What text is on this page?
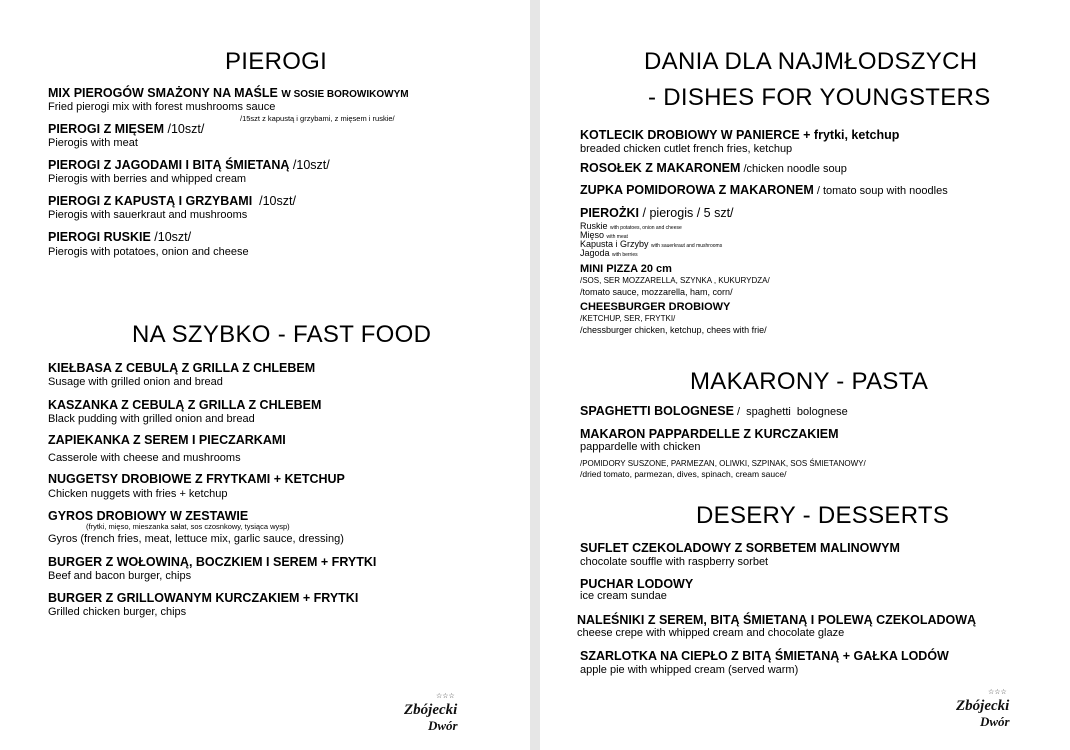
PIEROGI
MIX PIEROGÓW SMAŻONY NA MAŚLE W SOSIE BOROWIKOWYM
Fried pierogi mix with forest mushrooms sauce
/15szt z kapustą i grzybami, z mięsem i ruskie/
PIEROGI Z MIĘSEM /10szt/
Pierogis with meat
PIEROGI Z JAGODAMI I BITĄ ŚMIETANĄ /10szt/
Pierogis with berries and whipped cream
PIEROGI Z KAPUSTĄ I GRZYBAMI  /10szt/
Pierogis with sauerkraut and mushrooms
PIEROGI RUSKIE /10szt/
Pierogis with potatoes, onion and cheese
NA SZYBKO - FAST FOOD
KIEŁBASA Z CEBULĄ Z GRILLA Z CHLEBEM
Susage with grilled onion and bread
KASZANKA Z CEBULĄ Z GRILLA Z CHLEBEM
Black pudding with grilled onion and bread
ZAPIEKANKA Z SEREM I PIECZARKAMI
Casserole with cheese and mushrooms
NUGGETSY DROBIOWE Z FRYTKAMI + KETCHUP
Chicken nuggets with fries + ketchup
GYROS DROBIOWY W ZESTAWIE
(frytki, mięso, mieszanka sałat, sos czosnkowy, tysiąca wysp)
Gyros (french fries, meat, lettuce mix, garlic sauce, dressing)
BURGER Z WOŁOWINĄ, BOCZKIEM I SEREM + FRYTKI
Beef and bacon burger, chips
BURGER Z GRILLOWANYM KURCZAKIEM + FRYTKI
Grilled chicken burger, chips
☆☆☆
Zbójecki
Dwór
DANIA DLA NAJMŁODSZYCH
- DISHES FOR YOUNGSTERS
KOTLECIK DROBIOWY W PANIERCE + frytki, ketchup
breaded chicken cutlet french fries, ketchup
ROSOŁEK Z MAKARONEM /chicken noodle soup
ZUPKA POMIDOROWA Z MAKARONEM / tomato soup with noodles
PIEROŻKI / pierogis / 5 szt/
Ruskie with potatoes, onion and cheese
Mięso with meat
Kapusta i Grzyby with sauerkraut and mushrooms
Jagoda with berries
MINI PIZZA 20 cm
/SOS, SER MOZZARELLA, SZYNKA , KUKURYDZA/
/tomato sauce, mozzarella, ham, corn/
CHEESBURGER DROBIOWY
/KETCHUP, SER, FRYTKI/
/chessburger chicken, ketchup, chees with frie/
MAKARONY - PASTA
SPAGHETTI BOLOGNESE /  spaghetti  bolognese
MAKARON PAPPARDELLE Z KURCZAKIEM
pappardelle with chicken
/POMIDORY SUSZONE, PARMEZAN, OLIWKI, SZPINAK, SOS ŚMIETANOWY/
/dried tomato, parmezan, dives, spinach, cream sauce/
DESERY - DESSERTS
SUFLET CZEKOLADOWY Z SORBETEM MALINOWYM
chocolate souffle with raspberry sorbet
PUCHAR LODOWY
ice cream sundae
NALEŚNIKI Z SEREM, BITĄ ŚMIETANĄ I POLEWĄ CZEKOLADOWĄ
cheese crepe with whipped cream and chocolate glaze
SZARLOTKA NA CIEPŁO Z BITĄ ŚMIETANĄ + GAŁKA LODÓW
apple pie with whipped cream (served warm)
☆☆☆
Zbójecki
Dwór
